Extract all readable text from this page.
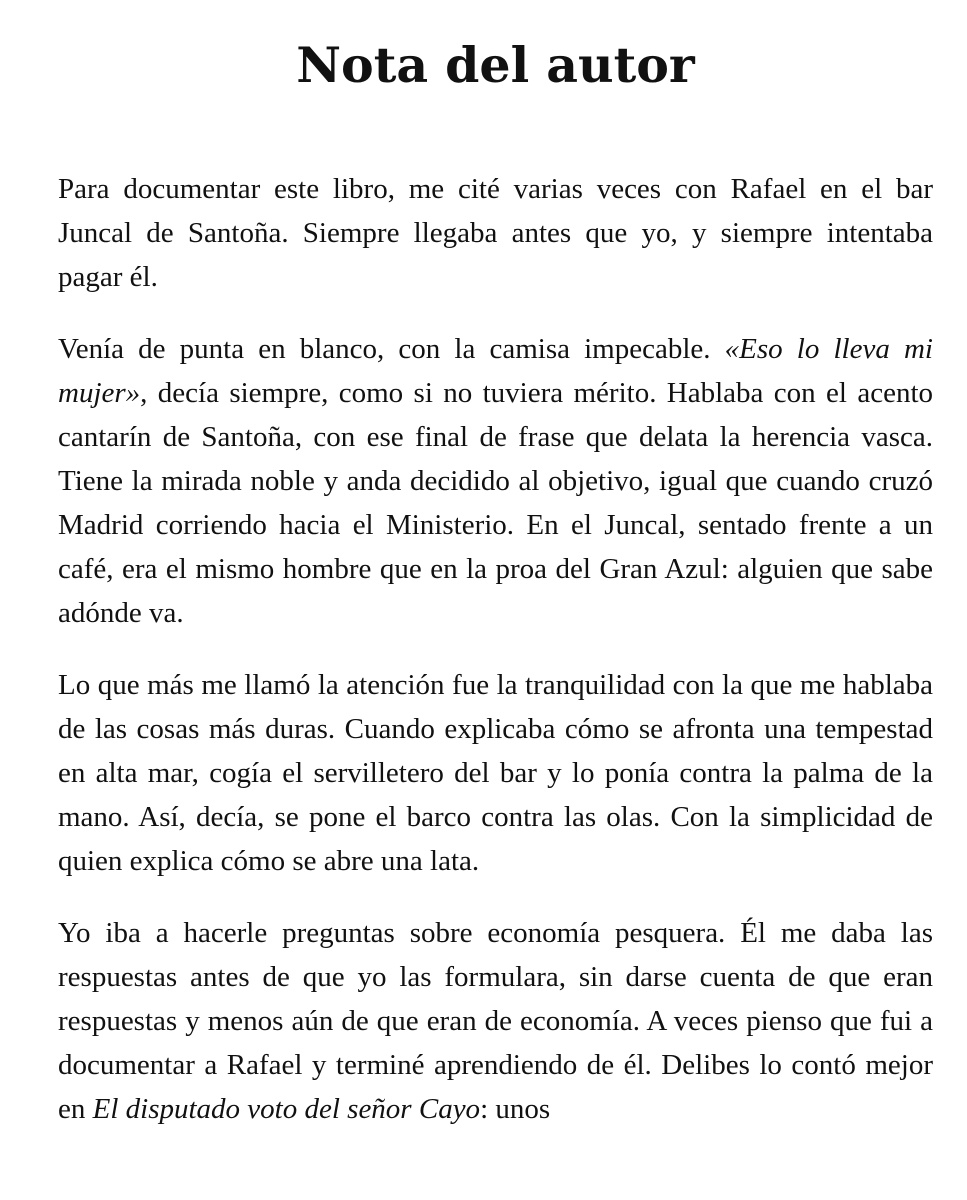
Nota del autor

Para documentar este libro, me cité varias veces con Rafael en el bar Juncal de Santoña. Siempre llegaba antes que yo, y siempre intentaba pagar él.

Venía de punta en blanco, con la camisa impecable. «Eso lo lleva mi mujer», decía siempre, como si no tuviera mérito. Hablaba con el acento cantarín de Santoña, con ese final de frase que delata la herencia vasca. Tiene la mirada noble y anda decidido al objetivo, igual que cuando cruzó Madrid corriendo hacia el Ministerio. En el Juncal, sentado frente a un café, era el mismo hombre que en la proa del Gran Azul: alguien que sabe adónde va.

Lo que más me llamó la atención fue la tranquilidad con la que me hablaba de las cosas más duras. Cuando explicaba cómo se afronta una tempestad en alta mar, cogía el servilletero del bar y lo ponía contra la palma de la mano. Así, decía, se pone el barco contra las olas. Con la simplicidad de quien explica cómo se abre una lata.

Yo iba a hacerle preguntas sobre economía pesquera. Él me daba las respuestas antes de que yo las formulara, sin darse cuenta de que eran respuestas y menos aún de que eran de economía. A veces pienso que fui a documentar a Rafael y terminé aprendiendo de él. Delibes lo contó mejor en El disputado voto del señor Cayo: unos
